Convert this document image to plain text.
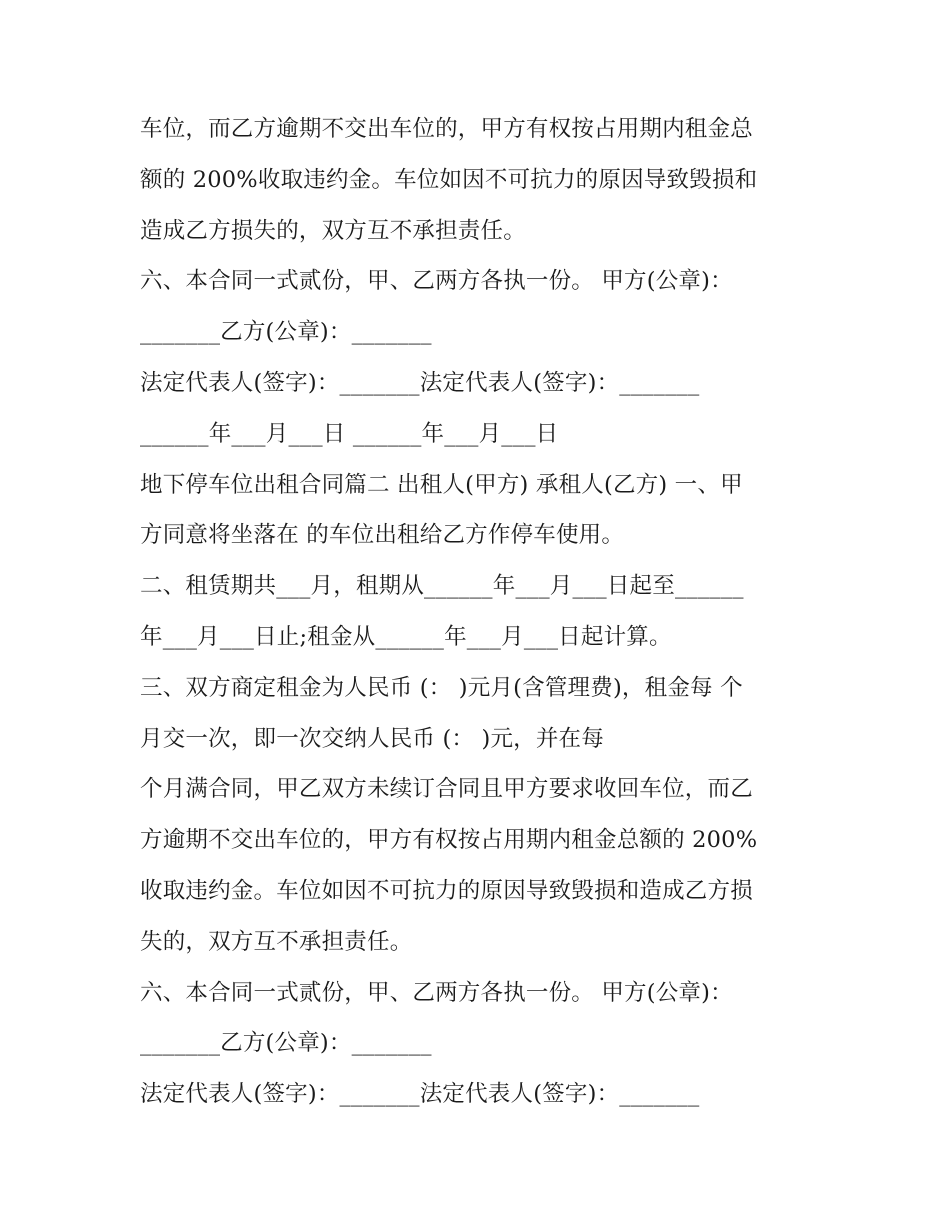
车位，而乙方逾期不交出车位的，甲方有权按占用期内租金总
额的 200%收取违约金。车位如因不可抗力的原因导致毁损和
造成乙方损失的，双方互不承担责任。
六、本合同一式贰份，甲、乙两方各执一份。 甲方(公章)：
_______乙方(公章)：_______
法定代表人(签字)：_______法定代表人(签字)：_______
______年___月___日 ______年___月___日
地下停车位出租合同篇二 出租人(甲方) 承租人(乙方) 一、甲
方同意将坐落在 的车位出租给乙方作停车使用。
二、租赁期共___月，租期从______年___月___日起至______
年___月___日止;租金从______年___月___日起计算。
三、双方商定租金为人民币 (： )元月(含管理费)，租金每 个
月交一次，即一次交纳人民币 (： )元，并在每
个月满合同，甲乙双方未续订合同且甲方要求收回车位，而乙
方逾期不交出车位的，甲方有权按占用期内租金总额的 200%
收取违约金。车位如因不可抗力的原因导致毁损和造成乙方损
失的，双方互不承担责任。
六、本合同一式贰份，甲、乙两方各执一份。 甲方(公章)：
_______乙方(公章)：_______
法定代表人(签字)：_______法定代表人(签字)：_______
